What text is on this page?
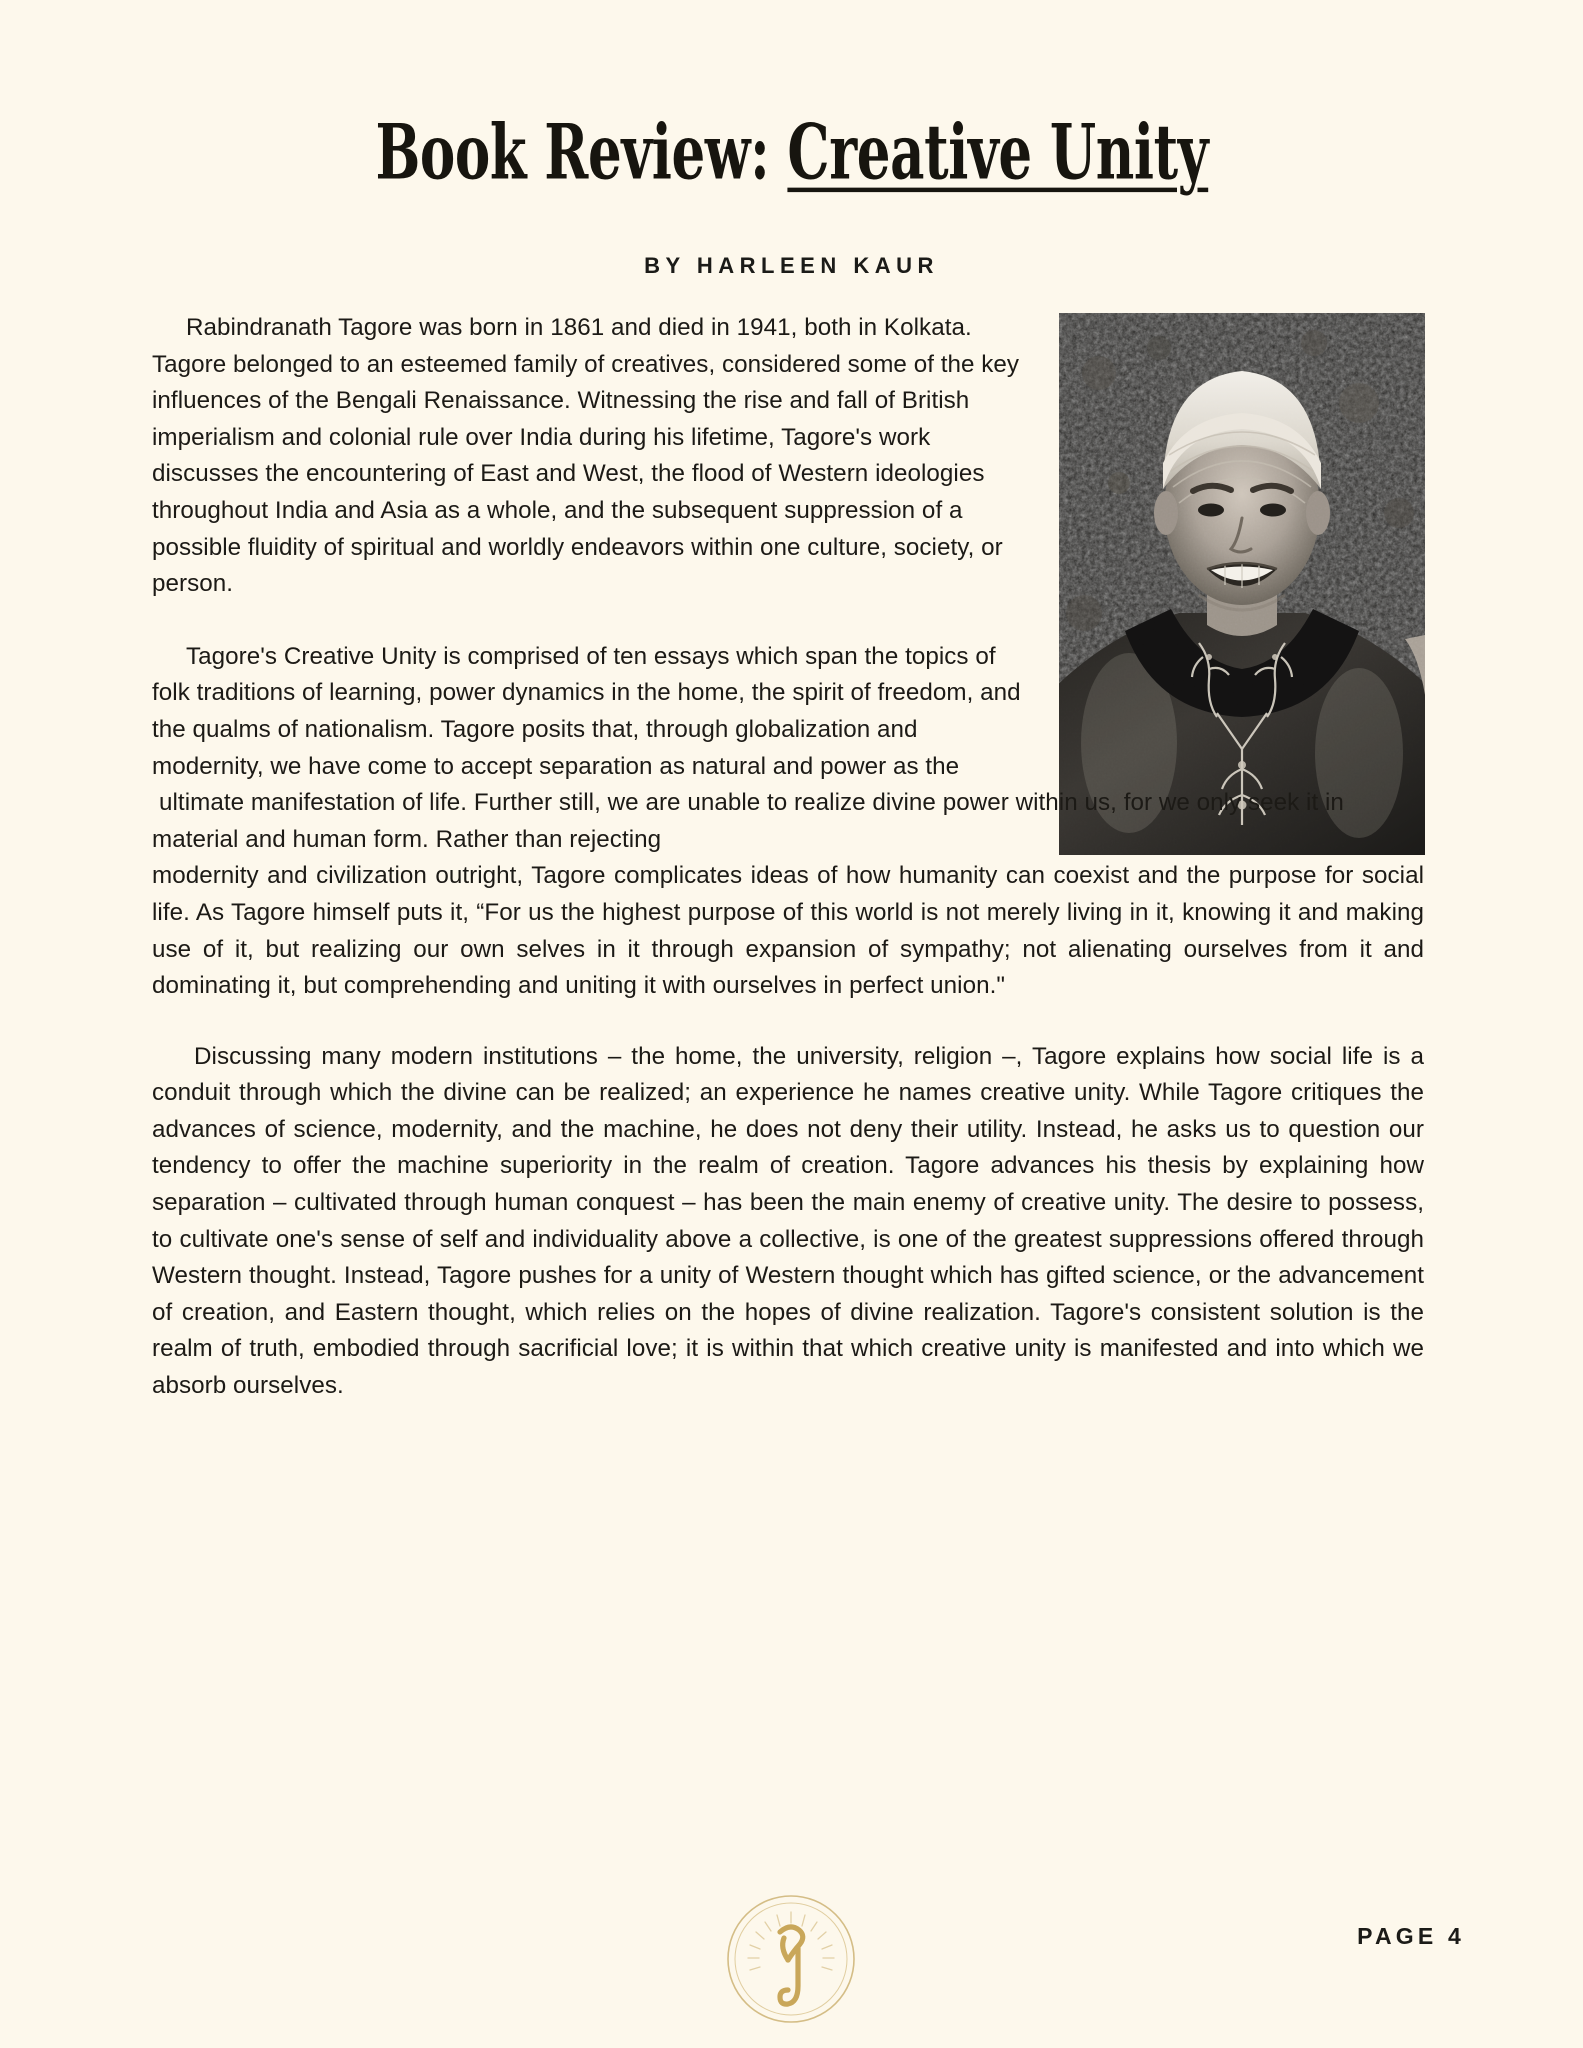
Book Review: Creative Unity
BY HARLEEN KAUR

Rabindranath Tagore was born in 1861 and died in 1941, both in Kolkata. Tagore belonged to an esteemed family of creatives, considered some of the key influences of the Bengali Renaissance. Witnessing the rise and fall of British imperialism and colonial rule over India during his lifetime, Tagore's work discusses the encountering of East and West, the flood of Western ideologies throughout India and Asia as a whole, and the subsequent suppression of a possible fluidity of spiritual and worldly endeavors within one culture, society, or person.

Tagore's Creative Unity is comprised of ten essays which span the topics of folk traditions of learning, power dynamics in the home, the spirit of freedom, and the qualms of nationalism. Tagore posits that, through globalization and modernity, we have come to accept separation as natural and power as the

ultimate manifestation of life. Further still, we are unable to realize divine power within us, for we only seek it in material and human form. Rather than rejecting

modernity and civilization outright, Tagore complicates ideas of how humanity can coexist and the purpose for social life. As Tagore himself puts it, “For us the highest purpose of this world is not merely living in it, knowing it and making use of it, but realizing our own selves in it through expansion of sympathy; not alienating ourselves from it and dominating it, but comprehending and uniting it with ourselves in perfect union."

Discussing many modern institutions – the home, the university, religion –, Tagore explains how social life is a conduit through which the divine can be realized; an experience he names creative unity. While Tagore critiques the advances of science, modernity, and the machine, he does not deny their utility. Instead, he asks us to question our tendency to offer the machine superiority in the realm of creation. Tagore advances his thesis by explaining how separation – cultivated through human conquest – has been the main enemy of creative unity. The desire to possess, to cultivate one's sense of self and individuality above a collective, is one of the greatest suppressions offered through Western thought. Instead, Tagore pushes for a unity of Western thought which has gifted science, or the advancement of creation, and Eastern thought, which relies on the hopes of divine realization. Tagore's consistent solution is the realm of truth, embodied through sacrificial love; it is within that which creative unity is manifested and into which we absorb ourselves.

PAGE 4
